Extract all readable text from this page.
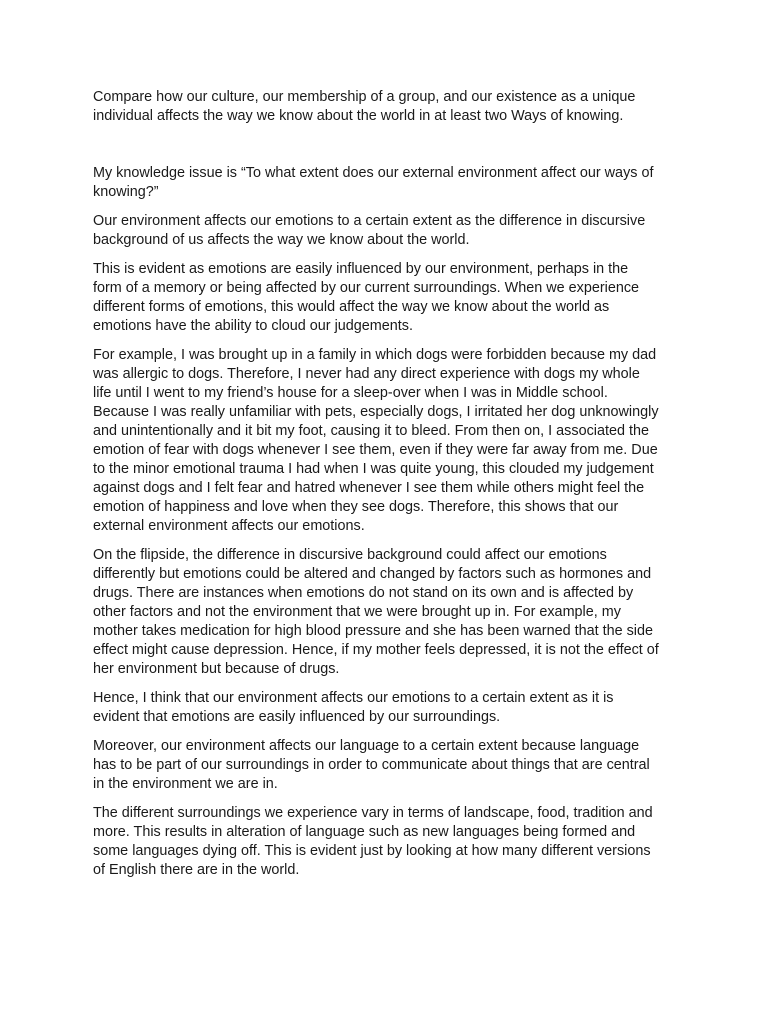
Compare how our culture, our membership of a group, and our existence as a unique individual affects the way we know about the world in at least two Ways of knowing.

My knowledge issue is “To what extent does our external environment affect our ways of knowing?”

Our environment affects our emotions to a certain extent as the difference in discursive background of us affects the way we know about the world.

This is evident as emotions are easily influenced by our environment, perhaps in the form of a memory or being affected by our current surroundings. When we experience different forms of emotions, this would affect the way we know about the world as emotions have the ability to cloud our judgements.

For example, I was brought up in a family in which dogs were forbidden because my dad was allergic to dogs. Therefore, I never had any direct experience with dogs my whole life until I went to my friend’s house for a sleep-over when I was in Middle school. Because I was really unfamiliar with pets, especially dogs, I irritated her dog unknowingly and unintentionally and it bit my foot, causing it to bleed. From then on, I associated the emotion of fear with dogs whenever I see them, even if they were far away from me. Due to the minor emotional trauma I had when I was quite young, this clouded my judgement against dogs and I felt fear and hatred whenever I see them while others might feel the emotion of happiness and love when they see dogs. Therefore, this shows that our external environment affects our emotions.

On the flipside, the difference in discursive background could affect our emotions differently but emotions could be altered and changed by factors such as hormones and drugs. There are instances when emotions do not stand on its own and is affected by other factors and not the environment that we were brought up in. For example, my mother takes medication for high blood pressure and she has been warned that the side effect might cause depression. Hence, if my mother feels depressed, it is not the effect of her environment but because of drugs.

Hence, I think that our environment affects our emotions to a certain extent as it is evident that emotions are easily influenced by our surroundings.

Moreover, our environment affects our language to a certain extent because language has to be part of our surroundings in order to communicate about things that are central in the environment we are in.

The different surroundings we experience vary in terms of landscape, food, tradition and more. This results in alteration of language such as new languages being formed and some languages dying off. This is evident just by looking at how many different versions of English there are in the world.
